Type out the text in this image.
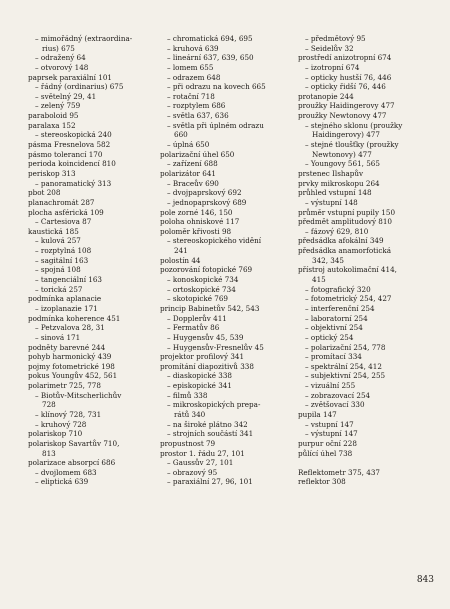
– mimořádný (extraordina-
rius) 675
– odražený 64
– otvorový 148
paprsek paraxiální 101
– řádný (ordinarius) 675
– světelný 29, 41
– zelený 759
paraboloid 95
paralaxa 152
– stereoskopická 240
pásma Fresnelova 582
pásmo tolerancí 170
perioda koincidencí 810
periskop 313
– panoramatický 313
pbot 208
planachromát 287
plocha asférická 109
– Cartesiova 87
kaustická 185
– kulová 257
– rozptylná 108
– sagitální 163
– spojná 108
– tangenciální 163
– torická 257
podmínka aplanacie
– izoplanazie 171
podmínka koherence 451
– Petzvalova 28, 31
– sinová 171
podněty barevné 244
pohyb harmonický 439
pojmy fotometrické 198
pokus Youngův 452, 561
polarimetr 725, 778
– Biotův-Mitscherlichův
728
– klínový 728, 731
– kruhový 728
polariskop 710
polariskop Savartův 710,
813
polarizace absorpcí 686
– dvojlomem 683
– eliptická 639
– chromatická 694, 695
– kruhová 639
– lineární 637, 639, 650
– lomem 655
– odrazem 648
– při odrazu na kovech 665
– rotační 718
– rozptylem 686
– světla 637, 636
– světla při úplném odrazu
660
– úplná 650
polarizační úhel 650
– zařízení 688
polarizátor 641
– Braceův 690
– dvojpaprskový 692
– jednopaprskový 689
pole zorné 146, 150
poloha ohniskové 117
poloměr křivosti 98
– stereoskopického vidění
241
polostín 44
pozorování fotopické 769
– konoskopické 734
– ortoskopické 734
– skotopické 769
princip Babinetův 542, 543
– Dopplerův 411
– Fermatův 86
– Huygensův 45, 539
– Huygensův-Fresnelův 45
projektor profilový 341
promítání diapozitivů 338
– diaskopické 338
– episkopické 341
– filmů 338
– mikroskopických prepa-
rátů 340
– na široké plátno 342
– strojních součástí 341
propustnost 79
prostor 1. řádu 27, 101
– Gaussův 27, 101
– obrazový 95
– paraxiální 27, 96, 101
– předmětový 95
– Seidelův 32
prostředí anizotropní 674
– izotropní 674
– opticky hustší 76, 446
– opticky řidší 76, 446
protanopie 244
proužky Haidingerovy 477
proužky Newtonovy 477
– stejného sklonu (proužky
Haidingerovy) 477
– stejné tloušťky (proužky
Newtonovy) 477
– Youngovy 561, 565
prstenec Ilshapův
prvky mikroskopu 264
průhled vstupní 148
– výstupní 148
průměr vstupní pupily 150
předmět amplitudový 810
– fázový 629, 810
předsádka afokální 349
předsádka anamorfotická
342, 345
přístroj autokolimační 414,
415
– fotografický 320
– fotometrický 254, 427
– interferenční 254
– laboratorní 254
– objektivní 254
– optický 254
– polarizační 254, 778
– promítací 334
– spektrální 254, 412
– subjektivní 254, 255
– vizuální 255
– zobrazovací 254
– zvětšovací 330
pupila 147
– vstupní 147
– výstupní 147
purpur oční 228
půlící úhel 738
Reflektometr 375, 437
reflektor 308
843
